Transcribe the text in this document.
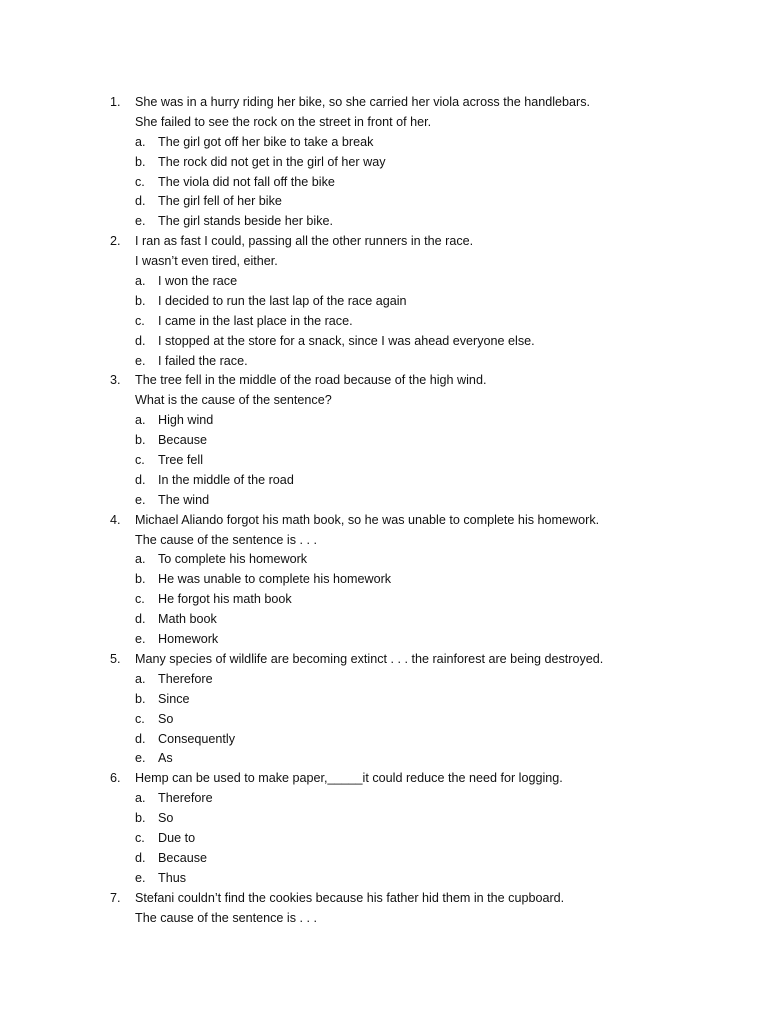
1.	She was in a hurry riding her bike, so she carried her viola across the handlebars.
She failed to see the rock on the street in front of her.
a. The girl got off her bike to take a break
b. The rock did not get in the girl of her way
c.	The viola did not fall off the bike
d. The girl fell of her bike
e. The girl stands beside her bike.
2.	I ran as fast I could, passing all the other runners in the race.
I wasn’t even tired, either.
a. I won the race
b. I decided to run the last lap of the race again
c.	I came in the last place in the race.
d. I stopped at the store for a snack, since I was ahead everyone else.
e. I failed the race.
3.	The tree fell in the middle of the road because of the high wind.
What is the cause of the sentence?
a. High wind
b. Because
c.	Tree fell
d. In the middle of the road
e. The wind
4.	Michael Aliando forgot his math book, so he was unable to complete his homework.
The cause of the sentence is . . .
a. To complete his homework
b. He was unable to complete his homework
c.	He forgot his math book
d. Math book
e. Homework
5.	Many species of wildlife are becoming extinct . . . the rainforest are being destroyed.
a. Therefore
b. Since
c.	So
d. Consequently
e. As
6.	Hemp can be used to make paper,_____it could reduce the need for logging.
a. Therefore
b. So
c.	Due to
d. Because
e. Thus
7.	Stefani couldn’t find the cookies because his father hid them in the cupboard.
The cause of the sentence is . . .
